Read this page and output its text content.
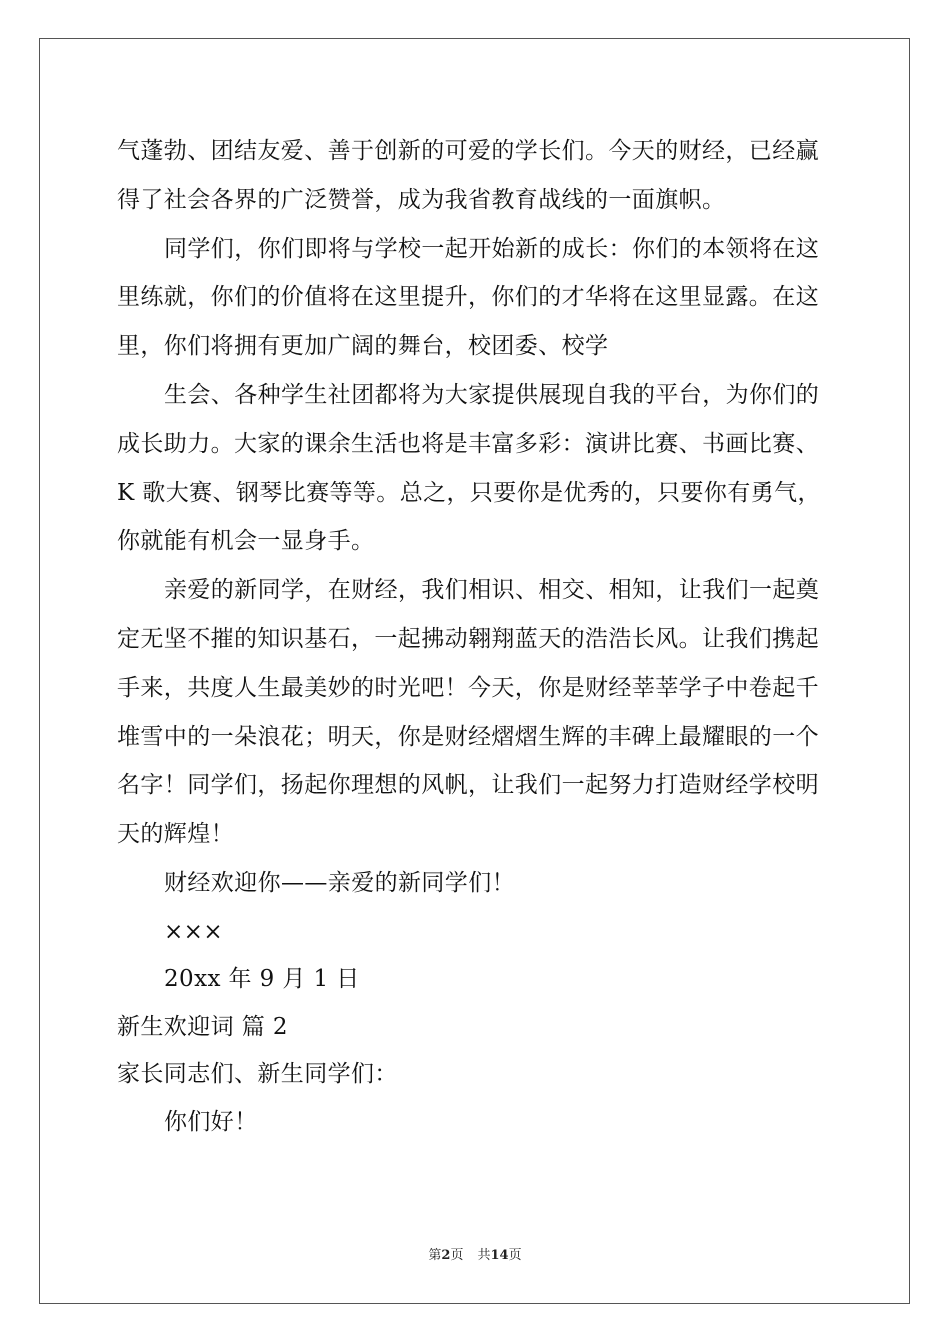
气蓬勃、团结友爱、善于创新的可爱的学长们。今天的财经，已经赢
得了社会各界的广泛赞誉，成为我省教育战线的一面旗帜。
同学们，你们即将与学校一起开始新的成长：你们的本领将在这
里练就，你们的价值将在这里提升，你们的才华将在这里显露。在这
里，你们将拥有更加广阔的舞台，校团委、校学
生会、各种学生社团都将为大家提供展现自我的平台，为你们的
成长助力。大家的课余生活也将是丰富多彩：演讲比赛、书画比赛、
K 歌大赛、钢琴比赛等等。总之，只要你是优秀的，只要你有勇气，
你就能有机会一显身手。
亲爱的新同学，在财经，我们相识、相交、相知，让我们一起奠
定无坚不摧的知识基石，一起拂动翱翔蓝天的浩浩长风。让我们携起
手来，共度人生最美妙的时光吧！今天，你是财经莘莘学子中卷起千
堆雪中的一朵浪花；明天，你是财经熠熠生辉的丰碑上最耀眼的一个
名字！同学们，扬起你理想的风帆，让我们一起努力打造财经学校明
天的辉煌！
财经欢迎你——亲爱的新同学们！
×××
20xx 年 9 月 1 日
新生欢迎词 篇 2
家长同志们、新生同学们：
你们好！
第2页 共14页
